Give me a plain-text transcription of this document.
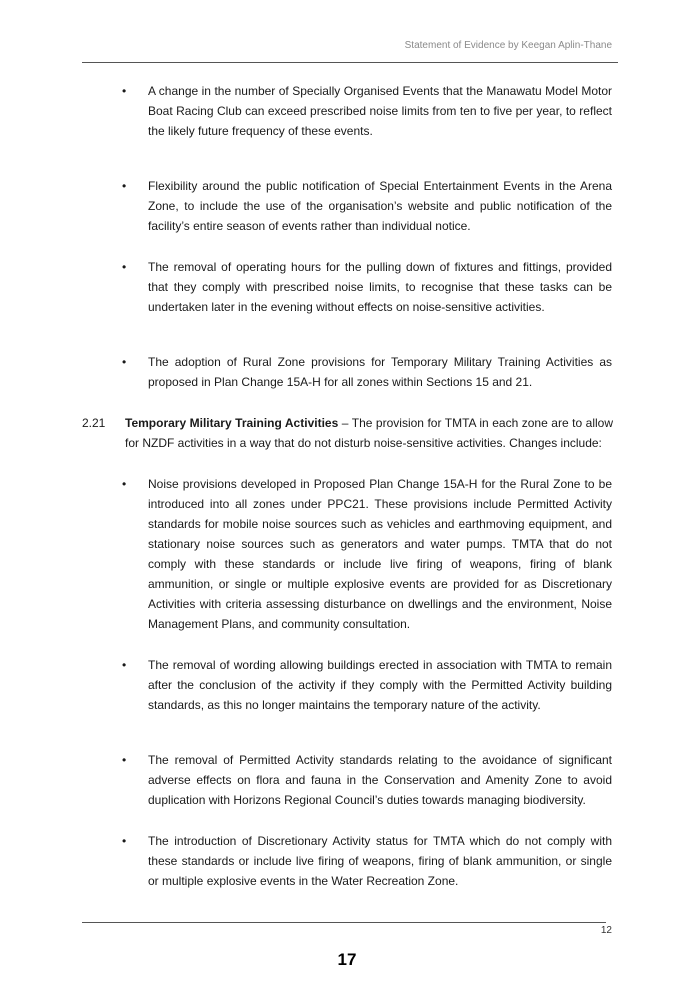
Statement of Evidence by Keegan Aplin-Thane
• A change in the number of Specially Organised Events that the Manawatu Model Motor Boat Racing Club can exceed prescribed noise limits from ten to five per year, to reflect the likely future frequency of these events.
• Flexibility around the public notification of Special Entertainment Events in the Arena Zone, to include the use of the organisation’s website and public notification of the facility’s entire season of events rather than individual notice.
• The removal of operating hours for the pulling down of fixtures and fittings, provided that they comply with prescribed noise limits, to recognise that these tasks can be undertaken later in the evening without effects on noise-sensitive activities.
• The adoption of Rural Zone provisions for Temporary Military Training Activities as proposed in Plan Change 15A-H for all zones within Sections 15 and 21.
2.21 Temporary Military Training Activities – The provision for TMTA in each zone are to allow for NZDF activities in a way that do not disturb noise-sensitive activities. Changes include:
• Noise provisions developed in Proposed Plan Change 15A-H for the Rural Zone to be introduced into all zones under PPC21. These provisions include Permitted Activity standards for mobile noise sources such as vehicles and earthmoving equipment, and stationary noise sources such as generators and water pumps. TMTA that do not comply with these standards or include live firing of weapons, firing of blank ammunition, or single or multiple explosive events are provided for as Discretionary Activities with criteria assessing disturbance on dwellings and the environment, Noise Management Plans, and community consultation.
• The removal of wording allowing buildings erected in association with TMTA to remain after the conclusion of the activity if they comply with the Permitted Activity building standards, as this no longer maintains the temporary nature of the activity.
• The removal of Permitted Activity standards relating to the avoidance of significant adverse effects on flora and fauna in the Conservation and Amenity Zone to avoid duplication with Horizons Regional Council’s duties towards managing biodiversity.
• The introduction of Discretionary Activity status for TMTA which do not comply with these standards or include live firing of weapons, firing of blank ammunition, or single or multiple explosive events in the Water Recreation Zone.
12
17
